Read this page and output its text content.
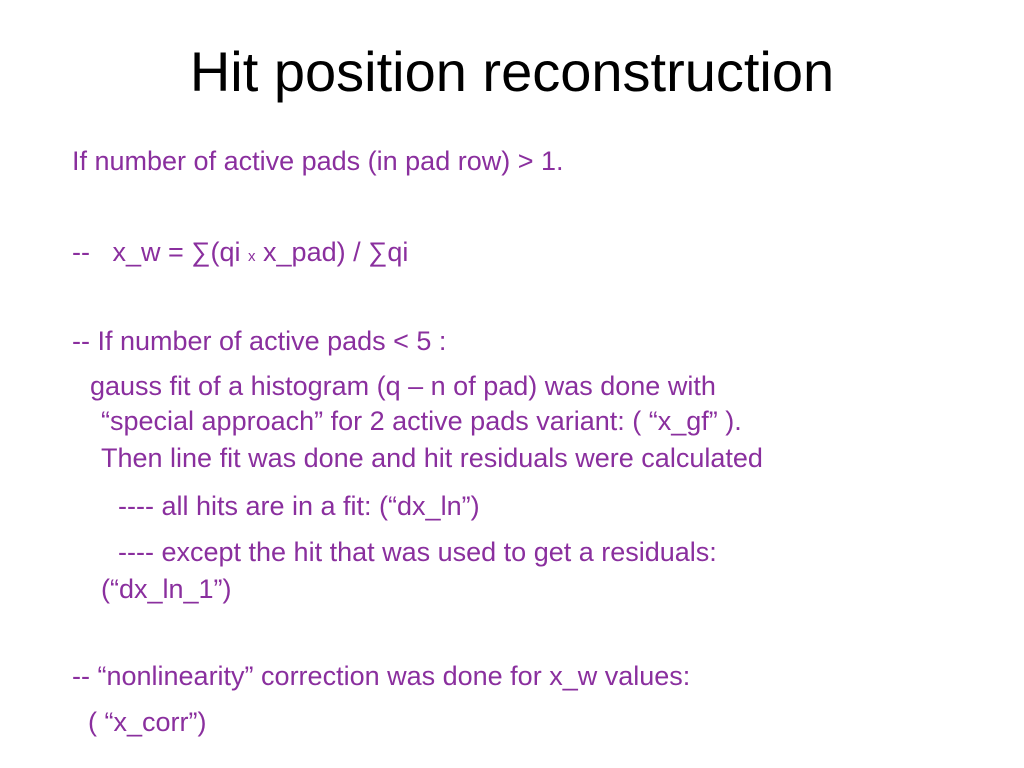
Hit position reconstruction
If number of active pads (in pad row) > 1.
--   x_w = ∑(qi x x_pad) / ∑qi
-- If number of active pads < 5 :
gauss fit of a histogram (q – n of pad) was done with
“special approach” for 2 active pads variant: ( “x_gf” ).
Then line fit was done and hit residuals were calculated
---- all hits are in a fit: (“dx_ln”)
---- except the hit that was used to get a residuals:
(“dx_ln_1”)
-- “nonlinearity” correction was done for x_w values:
( “x_corr”)
